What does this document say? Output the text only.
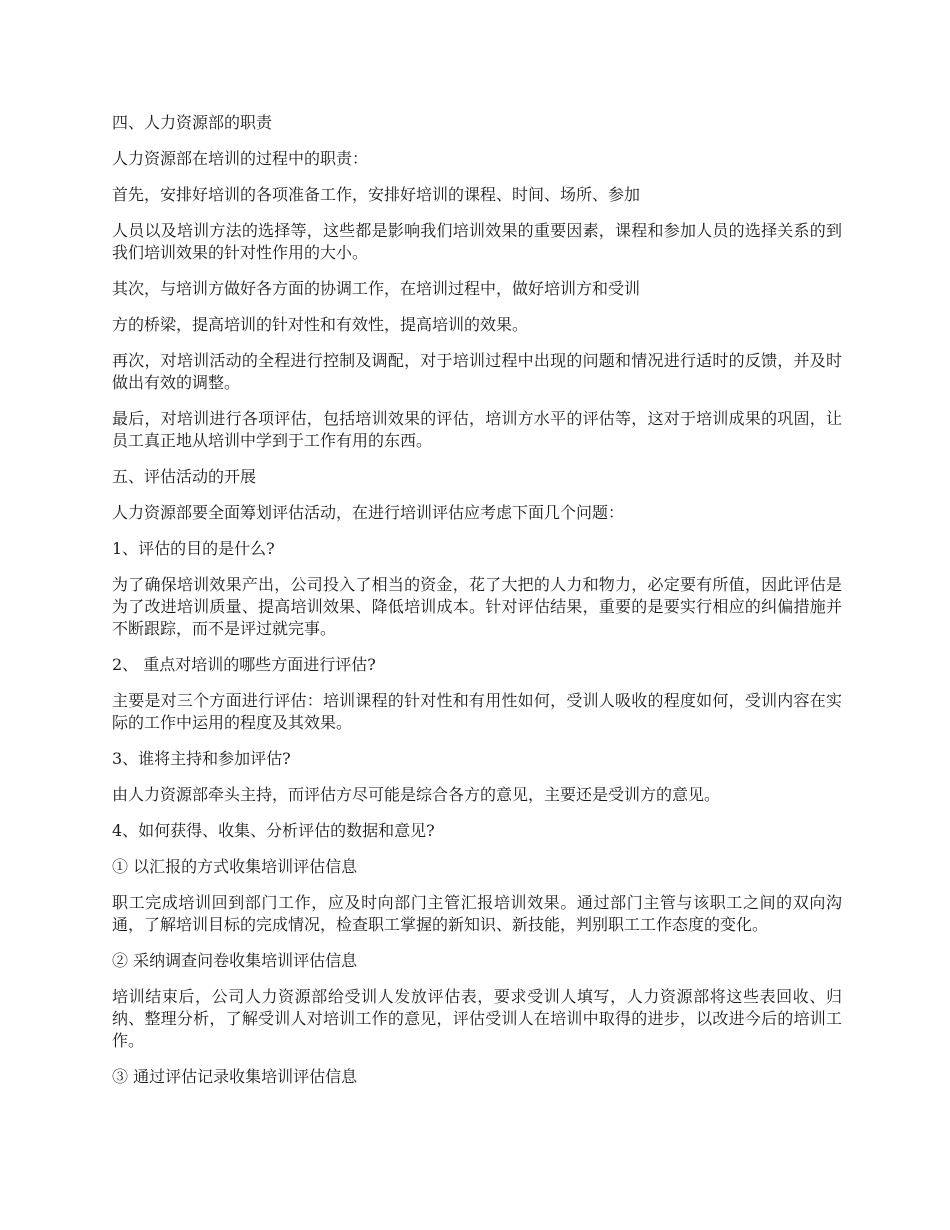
四、人力资源部的职责

人力资源部在培训的过程中的职责：

首先，安排好培训的各项准备工作，安排好培训的课程、时间、场所、参加

人员以及培训方法的选择等，这些都是影响我们培训效果的重要因素，课程和参加人员的选择关系的到我们培训效果的针对性作用的大小。

其次，与培训方做好各方面的协调工作，在培训过程中，做好培训方和受训

方的桥梁，提高培训的针对性和有效性，提高培训的效果。

再次，对培训活动的全程进行控制及调配，对于培训过程中出现的问题和情况进行适时的反馈，并及时做出有效的调整。

最后，对培训进行各项评估，包括培训效果的评估，培训方水平的评估等，这对于培训成果的巩固，让员工真正地从培训中学到于工作有用的东西。

五、评估活动的开展

人力资源部要全面筹划评估活动，在进行培训评估应考虑下面几个问题：

1、评估的目的是什么?

为了确保培训效果产出，公司投入了相当的资金，花了大把的人力和物力，必定要有所值，因此评估是为了改进培训质量、提高培训效果、降低培训成本。针对评估结果，重要的是要实行相应的纠偏措施并不断跟踪，而不是评过就完事。

2、 重点对培训的哪些方面进行评估?

主要是对三个方面进行评估：培训课程的针对性和有用性如何，受训人吸收的程度如何，受训内容在实际的工作中运用的程度及其效果。

3、谁将主持和参加评估?

由人力资源部牵头主持，而评估方尽可能是综合各方的意见，主要还是受训方的意见。

4、如何获得、收集、分析评估的数据和意见?

① 以汇报的方式收集培训评估信息

职工完成培训回到部门工作，应及时向部门主管汇报培训效果。通过部门主管与该职工之间的双向沟通，了解培训目标的完成情况，检查职工掌握的新知识、新技能，判别职工工作态度的变化。

② 采纳调查问卷收集培训评估信息

培训结束后，公司人力资源部给受训人发放评估表，要求受训人填写，人力资源部将这些表回收、归纳、整理分析，了解受训人对培训工作的意见，评估受训人在培训中取得的进步，以改进今后的培训工作。

③ 通过评估记录收集培训评估信息
